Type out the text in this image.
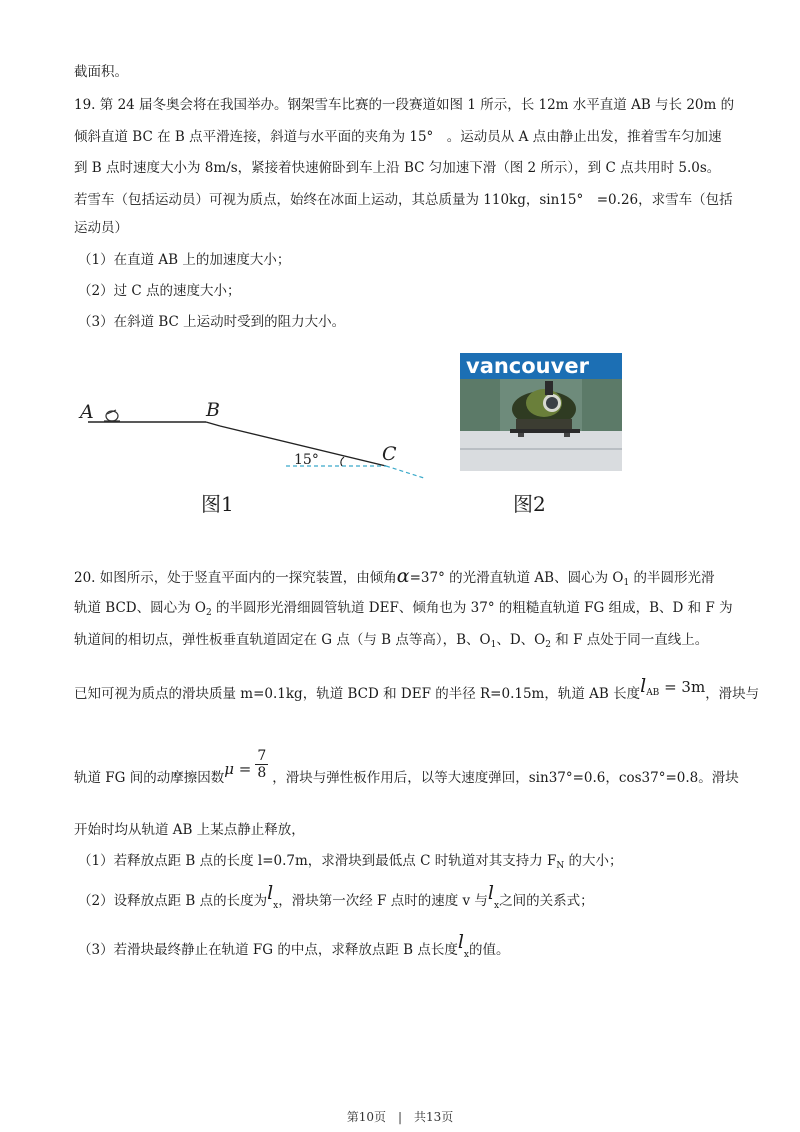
截面积。
19. 第 24 届冬奥会将在我国举办。钢架雪车比赛的一段赛道如图 1 所示，长 12m 水平直道 AB 与长 20m 的
倾斜直道 BC 在 B 点平滑连接，斜道与水平面的夹角为 15°　。运动员从 A 点由静止出发，推着雪车匀加速
到 B 点时速度大小为 8m/s，紧接着快速俯卧到车上沿 BC 匀加速下滑（图 2 所示），到 C 点共用时 5.0s。
若雪车（包括运动员）可视为质点，始终在冰面上运动，其总质量为 110kg，sin15°　=0.26，求雪车（包括
运动员）
（1）在直道 AB 上的加速度大小；
（2）过 C 点的速度大小；
（3）在斜道 BC 上运动时受到的阻力大小。
A	B
C
15°
图1
vancouver
图2
20. 如图所示，处于竖直平面内的一探究装置，由倾角α=37° 的光滑直轨道 AB、圆心为 $O_1$ 的半圆形光滑
轨道 BCD、圆心为 $O_2$ 的半圆形光滑细圆管轨道 DEF、倾角也为 37° 的粗糙直轨道 FG 组成，B、D 和 F 为
轨道间的相切点，弹性板垂直轨道固定在 G 点（与 B 点等高），B、$O_1$、D、$O_2$ 和 F 点处于同一直线上。
已知可视为质点的滑块质量 m=0.1kg，轨道 BCD 和 DEF 的半径 R=0.15m，轨道 AB 长度$l_{AB} = 3m$，滑块与
轨道 FG 间的动摩擦因数$\mu = \frac{7}{8}$ ，滑块与弹性板作用后，以等大速度弹回，sin37°=0.6，cos37°=0.8。滑块
开始时均从轨道 AB 上某点静止释放，
（1）若释放点距 B 点的长度 l=0.7m，求滑块到最低点 C 时轨道对其支持力 $F_N$ 的大小；
（2）设释放点距 B 点的长度为$l_x$，滑块第一次经 F 点时的速度 v 与$l_x$之间的关系式；
（3）若滑块最终静止在轨道 FG 的中点，求释放点距 B 点长度$l_x$的值。
第10页　|　共13页
